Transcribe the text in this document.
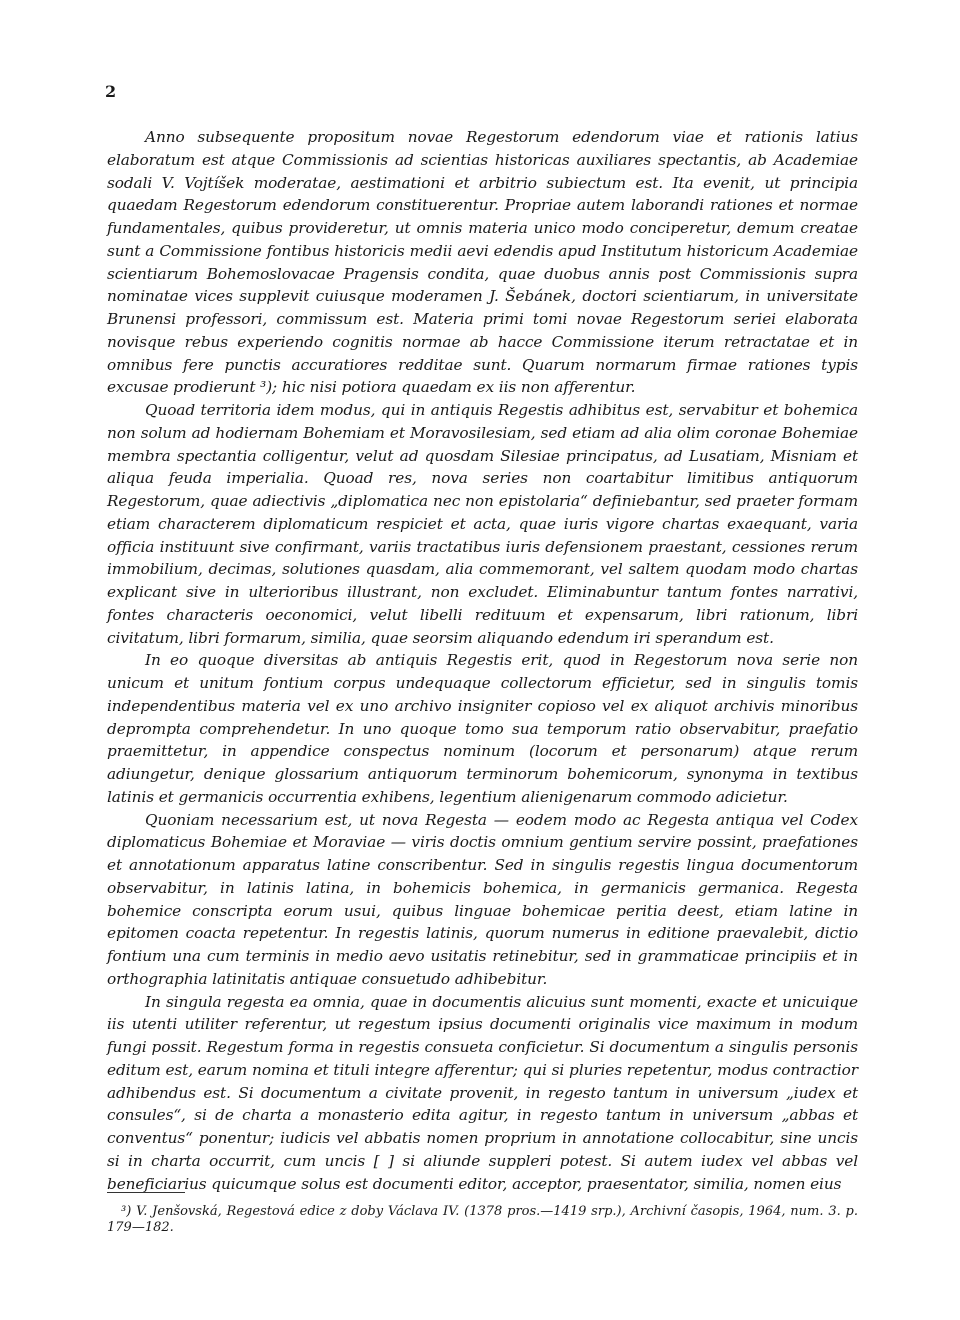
2

Anno subsequente propositum novae Regestorum edendorum viae et rationis latius elaboratum est atque Commissionis ad scientias historicas auxiliares spectantis, ab Academiae sodali V. Vojtíšek moderatae, aestimationi et arbitrio subiectum est. Ita evenit, ut principia quaedam Regestorum edendorum constituerentur. Propriae autem laborandi rationes et normae fundamentales, quibus provideretur, ut omnis materia unico modo conciperetur, demum creatae sunt a Commissione fontibus historicis medii aevi edendis apud Institutum historicum Academiae scientiarum Bohemoslovacae Pragensis condita, quae duobus annis post Commissionis supra nominatae vices supplevit cuiusque moderamen J. Šebánek, doctori scientiarum, in universitate Brunensi professori, commissum est. Materia primi tomi novae Regestorum seriei elaborata novisque rebus experiendo cognitis normae ab hacce Commissione iterum retractatae et in omnibus fere punctis accuratiores redditae sunt. Quarum normarum firmae rationes typis excusae prodierunt ³); hic nisi potiora quaedam ex iis non afferentur.

Quoad territoria idem modus, qui in antiquis Regestis adhibitus est, servabitur et bohemica non solum ad hodiernam Bohemiam et Moravosilesiam, sed etiam ad alia olim coronae Bohemiae membra spectantia colligentur, velut ad quosdam Silesiae principatus, ad Lusatiam, Misniam et aliqua feuda imperialia. Quoad res, nova series non coartabitur limitibus antiquorum Regestorum, quae adiectivis „diplomatica nec non epistolaria“ definiebantur, sed praeter formam etiam characterem diplomaticum respiciet et acta, quae iuris vigore chartas exaequant, varia officia instituunt sive confirmant, variis tractatibus iuris defensionem praestant, cessiones rerum immobilium, decimas, solutiones quasdam, alia commemorant, vel saltem quodam modo chartas explicant sive in ulterioribus illustrant, non excludet. Eliminabuntur tantum fontes narrativi, fontes characteris oeconomici, velut libelli redituum et expensarum, libri rationum, libri civitatum, libri formarum, similia, quae seorsim aliquando edendum iri sperandum est.

In eo quoque diversitas ab antiquis Regestis erit, quod in Regestorum nova serie non unicum et unitum fontium corpus undequaque collectorum efficietur, sed in singulis tomis independentibus materia vel ex uno archivo insigniter copioso vel ex aliquot archivis minoribus deprompta comprehendetur. In uno quoque tomo sua temporum ratio observabitur, praefatio praemittetur, in appendice conspectus nominum (locorum et personarum) atque rerum adiungetur, denique glossarium antiquorum terminorum bohemicorum, synonyma in textibus latinis et germanicis occurrentia exhibens, legentium alienigenarum commodo adicietur.

Quoniam necessarium est, ut nova Regesta — eodem modo ac Regesta antiqua vel Codex diplomaticus Bohemiae et Moraviae — viris doctis omnium gentium servire possint, praefationes et annotationum apparatus latine conscribentur. Sed in singulis regestis lingua documentorum observabitur, in latinis latina, in bohemicis bohemica, in germanicis germanica. Regesta bohemice conscripta eorum usui, quibus linguae bohemicae peritia deest, etiam latine in epitomen coacta repetentur. In regestis latinis, quorum numerus in editione praevalebit, dictio fontium una cum terminis in medio aevo usitatis retinebitur, sed in grammaticae principiis et in orthographia latinitatis antiquae consuetudo adhibebitur.

In singula regesta ea omnia, quae in documentis alicuius sunt momenti, exacte et unicuique iis utenti utiliter referentur, ut regestum ipsius documenti originalis vice maximum in modum fungi possit. Regestum forma in regestis consueta conficietur. Si documentum a singulis personis editum est, earum nomina et tituli integre afferentur; qui si pluries repetentur, modus contractior adhibendus est. Si documentum a civitate provenit, in regesto tantum in universum „iudex et consules“, si de charta a monasterio edita agitur, in regesto tantum in universum „abbas et conventus“ ponentur; iudicis vel abbatis nomen proprium in annotatione collocabitur, sine uncis si in charta occurrit, cum uncis [ ] si aliunde suppleri potest. Si autem iudex vel abbas vel beneficiarius quicumque solus est documenti editor, acceptor, praesentator, similia, nomen eius

³) V. Jenšovská, Regestová edice z doby Václava IV. (1378 pros.—1419 srp.), Archivní časopis, 1964, num. 3. p. 179—182.
